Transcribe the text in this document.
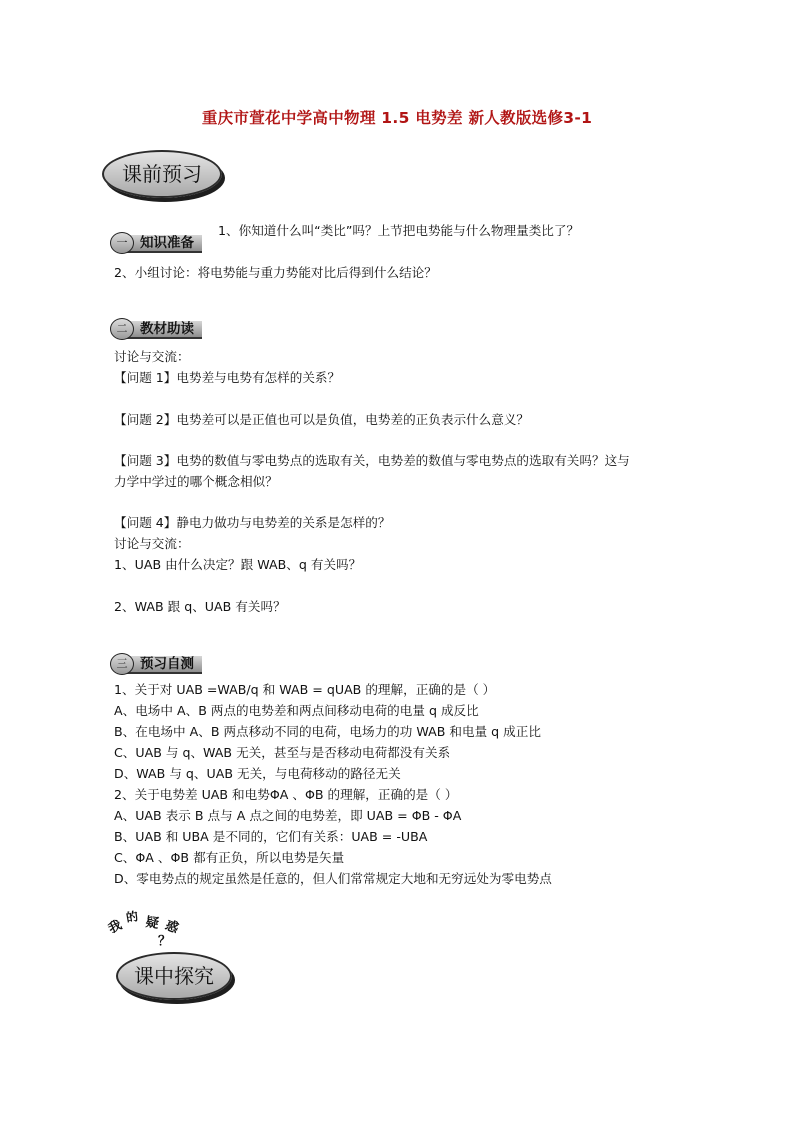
重庆市萱花中学高中物理 1.5 电势差 新人教版选修3-1
课前预习
知识准备
一
1、你知道什么叫“类比”吗？上节把电势能与什么物理量类比了？
2、小组讨论：将电势能与重力势能对比后得到什么结论？
教材助读
二
讨论与交流：
【问题 1】电势差与电势有怎样的关系？
【问题 2】电势差可以是正值也可以是负值，电势差的正负表示什么意义？
【问题 3】电势的数值与零电势点的选取有关，电势差的数值与零电势点的选取有关吗？这与
力学中学过的哪个概念相似？
【问题 4】静电力做功与电势差的关系是怎样的？
讨论与交流：
1、UAB 由什么决定？跟 WAB、q 有关吗？
2、WAB 跟 q、UAB 有关吗？
预习自测
三
1、关于对 UAB =WAB/q 和 WAB = qUAB 的理解，正确的是（ ）
A、电场中 A、B 两点的电势差和两点间移动电荷的电量 q 成反比
B、在电场中 A、B 两点移动不同的电荷，电场力的功 WAB 和电量 q 成正比
C、UAB 与 q、WAB 无关，甚至与是否移动电荷都没有关系
D、WAB 与 q、UAB 无关，与电荷移动的路径无关
2、关于电势差 UAB 和电势ΦA 、ΦB 的理解，正确的是（ ）
A、UAB 表示 B 点与 A 点之间的电势差，即 UAB = ΦB - ΦA
B、UAB 和 UBA 是不同的，它们有关系：UAB = -UBA
C、ΦA 、ΦB 都有正负，所以电势是矢量
D、零电势点的规定虽然是任意的，但人们常常规定大地和无穷远处为零电势点
我
的 疑 惑
？
课中探究
